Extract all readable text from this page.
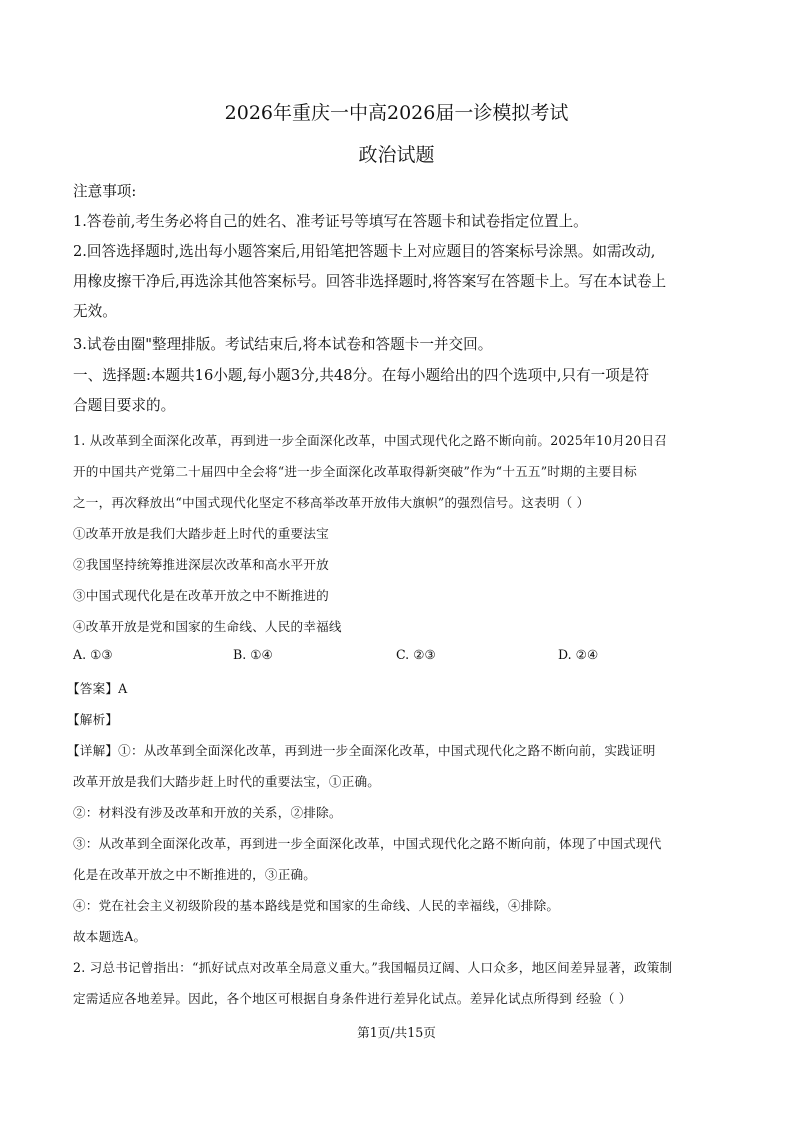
2026年重庆一中高2026届一诊模拟考试
政治试题
注意事项:
1.答卷前,考生务必将自己的姓名、准考证号等填写在答题卡和试卷指定位置上。
2.回答选择题时,选出每小题答案后,用铅笔把答题卡上对应题目的答案标号涂黑。如需改动,
用橡皮擦干净后,再选涂其他答案标号。回答非选择题时,将答案写在答题卡上。写在本试卷上
无效。
3.试卷由圈"整理排版。考试结束后,将本试卷和答题卡一并交回。
一、选择题:本题共16小题,每小题3分,共48分。在每小题给出的四个选项中,只有一项是符
合题目要求的。
1. 从改革到全面深化改革，再到进一步全面深化改革，中国式现代化之路不断向前。2025年10月20日召
开的中国共产党第二十届四中全会将“进一步全面深化改革取得新突破”作为“十五五”时期的主要目标
之一，再次释放出“中国式现代化坚定不移高举改革开放伟大旗帜”的强烈信号。这表明（ ）
①改革开放是我们大踏步赶上时代的重要法宝
②我国坚持统筹推进深层次改革和高水平开放
③中国式现代化是在改革开放之中不断推进的
④改革开放是党和国家的生命线、人民的幸福线
A. ①③	B. ①④	C. ②③	D. ②④
【答案】A
【解析】
【详解】①：从改革到全面深化改革，再到进一步全面深化改革，中国式现代化之路不断向前，实践证明
改革开放是我们大踏步赶上时代的重要法宝，①正确。
②：材料没有涉及改革和开放的关系，②排除。
③：从改革到全面深化改革，再到进一步全面深化改革，中国式现代化之路不断向前，体现了中国式现代
化是在改革开放之中不断推进的，③正确。
④：党在社会主义初级阶段的基本路线是党和国家的生命线、人民的幸福线，④排除。
故本题选A。
2. 习总书记曾指出：“抓好试点对改革全局意义重大。”我国幅员辽阔、人口众多，地区间差异显著，政策制
定需适应各地差异。因此，各个地区可根据自身条件进行差异化试点。差异化试点所得到 经验（ ）
第1页/共15页
